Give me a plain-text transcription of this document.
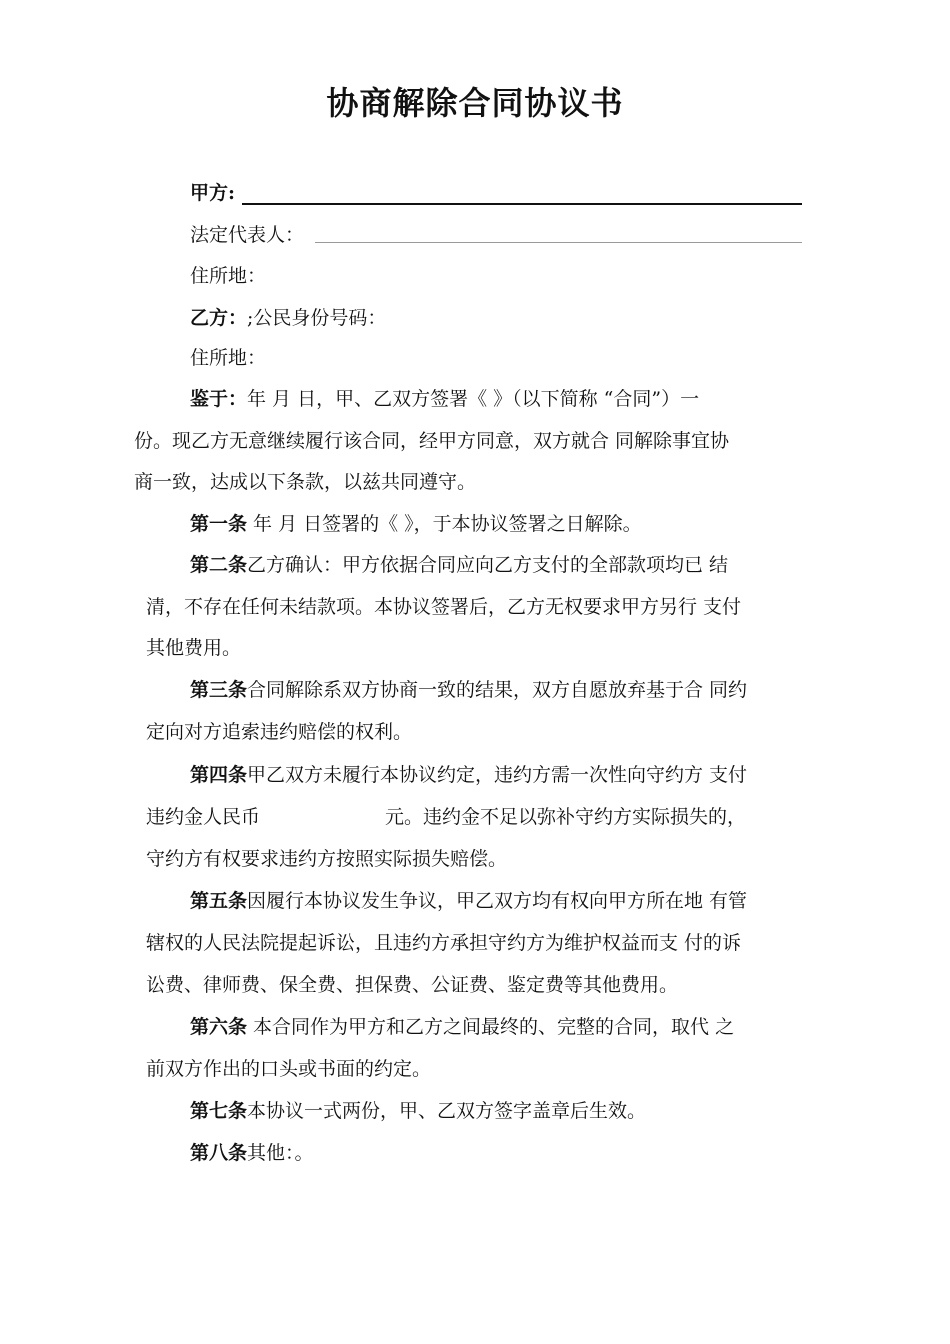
协商解除合同协议书
甲方:
法定代表人：
住所地：
乙方：;公民身份号码：
住所地：
鉴于：年 月 日，甲、乙双方签署《 》（以下简称 “合同”）一
份。现乙方无意继续履行该合同，经甲方同意，双方就合 同解除事宜协
商一致，达成以下条款，以兹共同遵守。
第一条 年 月 日签署的《 》，于本协议签署之日解除。
第二条乙方确认：甲方依据合同应向乙方支付的全部款项均已 结
清，不存在任何未结款项。本协议签署后，乙方无权要求甲方另行 支付
其他费用。
第三条合同解除系双方协商一致的结果，双方自愿放弃基于合 同约
定向对方追索违约赔偿的权利。
第四条甲乙双方未履行本协议约定，违约方需一次性向守约方 支付
违约金人民币	元。违约金不足以弥补守约方实际损失的，
守约方有权要求违约方按照实际损失赔偿。
第五条因履行本协议发生争议，甲乙双方均有权向甲方所在地 有管
辖权的人民法院提起诉讼，且违约方承担守约方为维护权益而支 付的诉
讼费、律师费、保全费、担保费、公证费、鉴定费等其他费用。
第六条 本合同作为甲方和乙方之间最终的、完整的合同，取代 之
前双方作出的口头或书面的约定。
第七条本协议一式两份，甲、乙双方签字盖章后生效。
第八条其他：。
